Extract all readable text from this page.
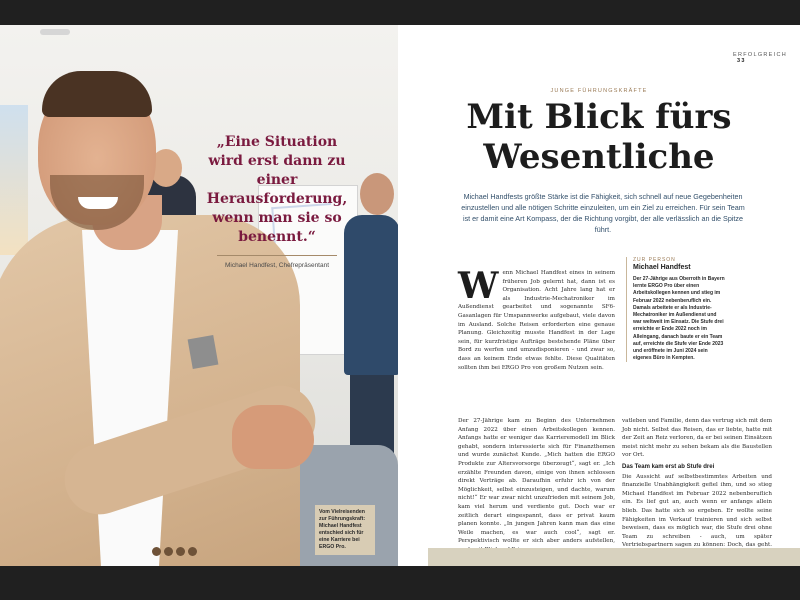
„Eine Situation wird erst dann zu einer Herausforderung, wenn man sie so benennt.“
Michael Handfest, Chefrepräsentant
Vom Vielreisenden zur Führungskraft: Michael Handfest entschied sich für eine Karriere bei ERGO Pro.
ERFOLGREICH 33
JUNGE FÜHRUNGSKRÄFTE
Mit Blick fürs
Wesentliche

Michael Handfests größte Stärke ist die Fähigkeit, sich schnell auf neue Gegebenheiten einzustellen und alle nötigen Schritte einzuleiten, um ein Ziel zu erreichen. Für sein Team ist er damit eine Art Kompass, der die Richtung vorgibt, der alle verlässlich an die Spitze führt.

W enn Michael Handfest eines in seinem früheren Job gelernt hat, dann ist es Organisation. Acht Jahre lang hat er als Industrie-Mechatroniker im Außendienst gearbeitet und sogenannte SF6-Gasanlagen für Umspannwerke aufgebaut, viele davon im Ausland. Solche Reisen erforderten eine genaue Planung. Gleichzeitig musste Handfest in der Lage sein, für kurzfristige Aufträge bestehende Pläne über Bord zu werfen und umzudisponieren - und zwar so, dass an keinem Ende etwas fehlte. Diese Qualitäten sollten ihm bei ERGO Pro von großem Nutzen sein.

Der 27-Jährige kam zu Beginn des Unternehmen Anfang 2022 über einen Arbeitskollegen kennen. Anfangs hatte er weniger das Karrieremodell im Blick gehabt, sondern interessierte sich für Finanzthemen und wurde zunächst Kunde. „Mich hatten die ERGO Produkte zur Altersvorsorge überzeugt“, sagt er. „Ich erzählte Freunden davon, einige von ihnen schlossen direkt Verträge ab. Daraufhin erfuhr ich von der Möglichkeit, selbst einzusteigen, und dachte, warum nicht!“ Er war zwar nicht unzufrieden mit seinem Job, kam viel herum und verdiente gut. Doch war er zeitlich derart eingespannt, dass er privat kaum planen konnte. „In jungen Jahren kann man das eine Weile machen, es war auch cool“, sagt er. Perspektivisch wollte er sich aber anders aufstellen,

vatleben und Familie, denn das vertrug sich mit dem Job nicht. Selbst das Reisen, das er liebte, hatte mit der Zeit an Reiz verloren, da er bei seinen Einsätzen meist nicht mehr zu sehen bekam als die Baustellen vor Ort.

Das Team kam erst ab Stufe drei

Die Aussicht auf selbstbestimmtes Arbeiten und finanzielle Unabhängigkeit gefiel ihm, und so stieg Michael Handfest im Februar 2022 nebenberuflich ein. Es lief gut an, auch wenn er anfangs allein blieb. Das hatte sich so ergeben. Er wollte seine Fähigkeiten im Verkauf trainieren und sich selbst beweisen, dass es möglich war, die Stufe drei ohne Team zu schreiben - auch, um später Vertriebspartnern sagen zu können: Doch, das geht.

ZUR PERSON
Michael Handfest
Der 27-Jährige aus Oberroth in Bayern lernte ERGO Pro über einen Arbeitskollegen kennen und stieg im Februar 2022 nebenberuflich ein. Damals arbeitete er als Industrie-Mechatroniker im Außendienst und war weltweit im Einsatz. Die Stufe drei erreichte er Ende 2022 noch im Alleingang, danach baute er ein Team auf, erreichte die Stufe vier Ende 2023 und eröffnete im Juni 2024 sein eigenes Büro in Kempten.
